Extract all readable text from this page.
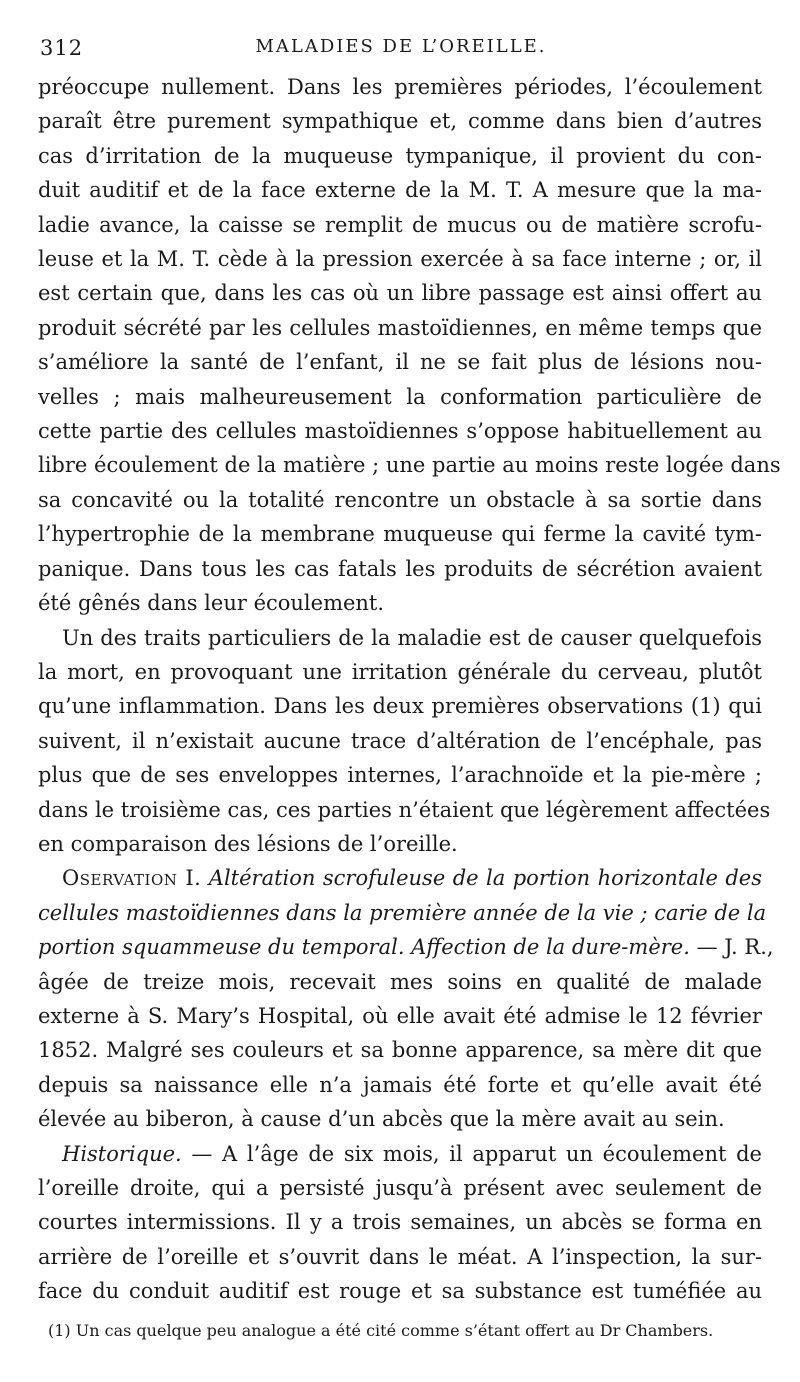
312	MALADIES DE L’OREILLE.

préoccupe nullement. Dans les premières périodes, l’écoulement
paraît être purement sympathique et, comme dans bien d’autres
cas d’irritation de la muqueuse tympanique, il provient du con-
duit auditif et de la face externe de la M. T. A mesure que la ma-
ladie avance, la caisse se remplit de mucus ou de matière scrofu-
leuse et la M. T. cède à la pression exercée à sa face interne ; or, il
est certain que, dans les cas où un libre passage est ainsi offert au
produit sécrété par les cellules mastoïdiennes, en même temps que
s’améliore la santé de l’enfant, il ne se fait plus de lésions nou-
velles ; mais malheureusement la conformation particulière de
cette partie des cellules mastoïdiennes s’oppose habituellement au
libre écoulement de la matière ; une partie au moins reste logée dans
sa concavité ou la totalité rencontre un obstacle à sa sortie dans
l’hypertrophie de la membrane muqueuse qui ferme la cavité tym-
panique. Dans tous les cas fatals les produits de sécrétion avaient
été gênés dans leur écoulement.

Un des traits particuliers de la maladie est de causer quelquefois
la mort, en provoquant une irritation générale du cerveau, plutôt
qu’une inflammation. Dans les deux premières observations (1) qui
suivent, il n’existait aucune trace d’altération de l’encéphale, pas
plus que de ses enveloppes internes, l’arachnoïde et la pie-mère ;
dans le troisième cas, ces parties n’étaient que légèrement affectées
en comparaison des lésions de l’oreille.

Oservation I. Altération scrofuleuse de la portion horizontale des
cellules mastoïdiennes dans la première année de la vie ; carie de la
portion squammeuse du temporal. Affection de la dure-mère. — J. R.,
âgée de treize mois, recevait mes soins en qualité de malade
externe à S. Mary’s Hospital, où elle avait été admise le 12 février
1852. Malgré ses couleurs et sa bonne apparence, sa mère dit que
depuis sa naissance elle n’a jamais été forte et qu’elle avait été
élevée au biberon, à cause d’un abcès que la mère avait au sein.

Historique. — A l’âge de six mois, il apparut un écoulement de
l’oreille droite, qui a persisté jusqu’à présent avec seulement de
courtes intermissions. Il y a trois semaines, un abcès se forma en
arrière de l’oreille et s’ouvrit dans le méat. A l’inspection, la sur-
face du conduit auditif est rouge et sa substance est tuméfiée au

(1) Un cas quelque peu analogue a été cité comme s’étant offert au Dr Chambers.
